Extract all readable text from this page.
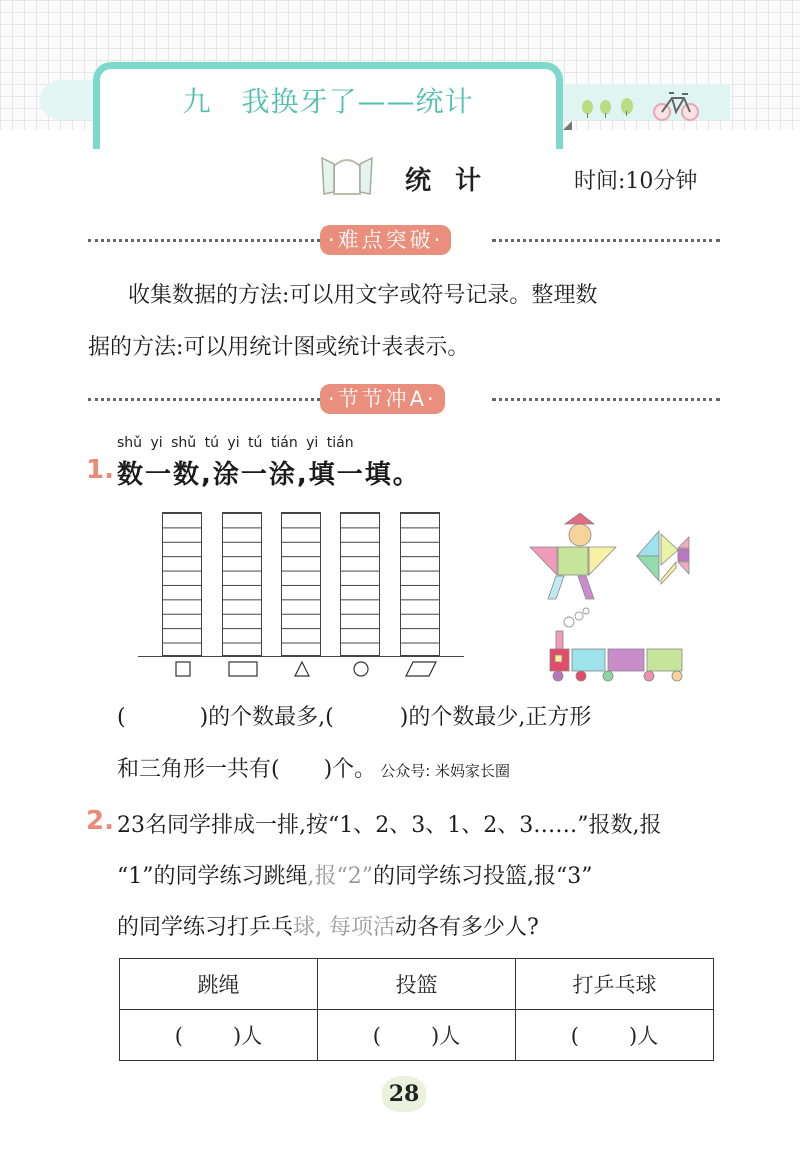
九 我换牙了——统计
统计	时间:10分钟
·难点突破·
收集数据的方法:可以用文字或符号记录。整理数
据的方法:可以用统计图或统计表表示。
·节节冲A·
shǔ yi shǔ tú yi tú tián yi tián
1. 数一数,涂一涂,填一填。
(	)的个数最多,(	)的个数最少,正方形
和三角形一共有( )个。 公众号: 米妈家长圈
2. 23名同学排成一排,按“1、2、3、1、2、3……”报数,报
“1”的同学练习跳绳,报“2”的同学练习投篮,报“3”
的同学练习打乒乓球, 每项活动各有多少人?
跳绳	投篮	打乒乓球
( )人	( )人	( )人
28
